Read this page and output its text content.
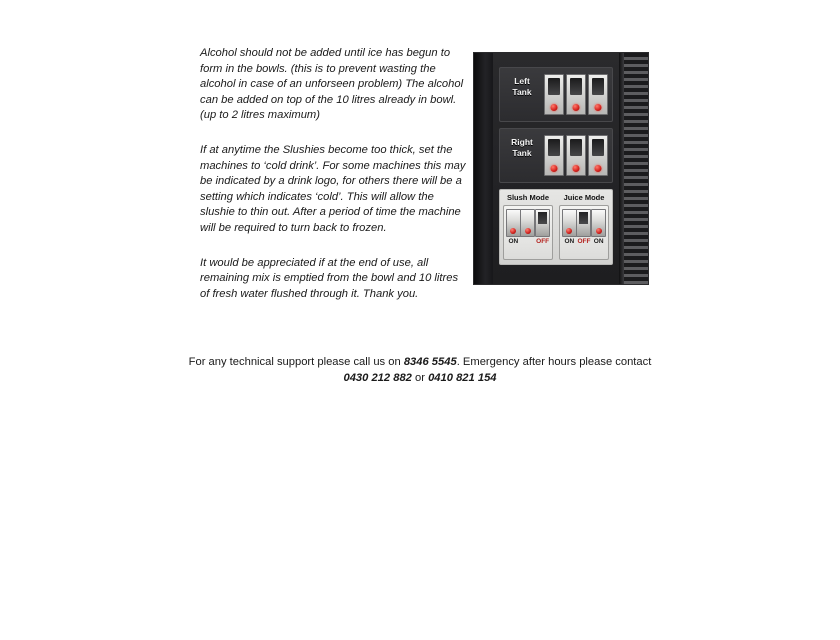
Alcohol should not be added until ice has begun to form in the bowls. (this is to prevent wasting the alcohol in case of an unforseen problem) The alcohol can be added on top of the 10 litres already in bowl. (up to 2 litres maximum)

If at anytime the Slushies become too thick, set the machines to ‘cold drink’. For some machines this may be indicated by a drink logo, for others there will be a setting which indicates ‘cold’. This will allow the slushie to thin out. After a period of time the machine will be required to turn back to frozen.

It would be appreciated if at the end of use, all remaining mix is emptied from the bowl and 10 litres of fresh water flushed through it. Thank you.

Left
Tank
Right
Tank
Slush Mode	Juice Mode
ON	OFF ON OFF ON
For any technical support please call us on 8346 5545. Emergency after hours please contact 0430 212 882 or 0410 821 154
